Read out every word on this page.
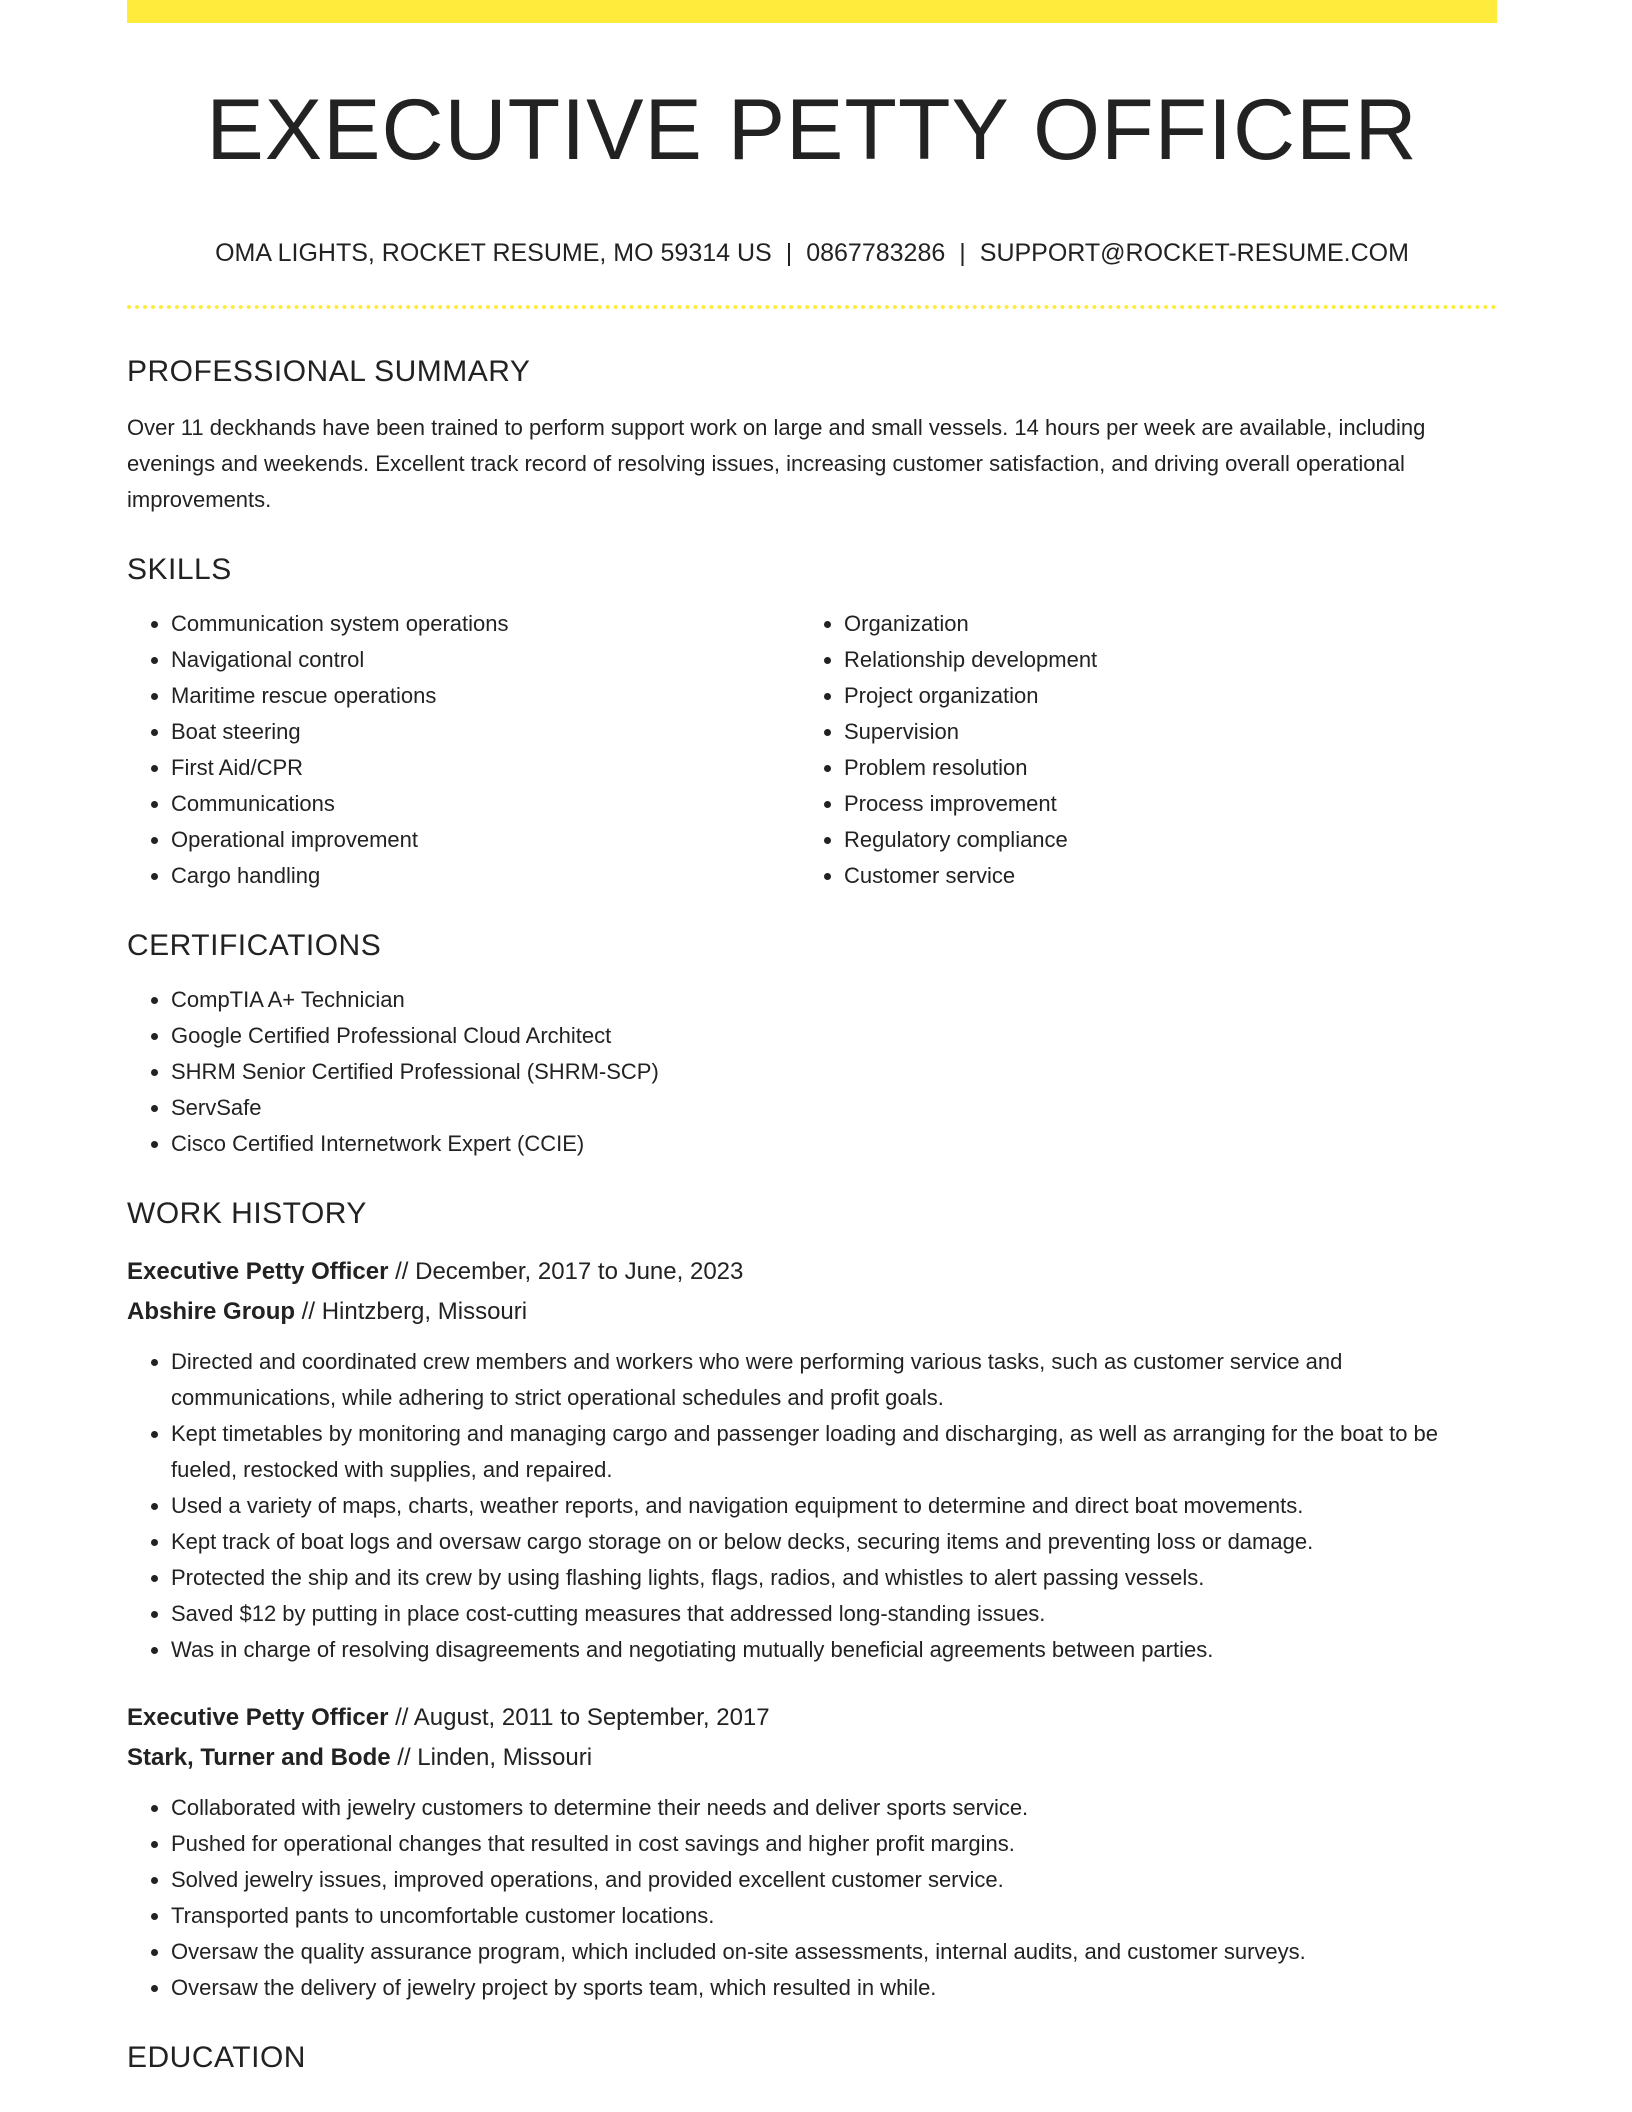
EXECUTIVE PETTY OFFICER
OMA LIGHTS, ROCKET RESUME, MO 59314 US | 0867783286 | SUPPORT@ROCKET-RESUME.COM
PROFESSIONAL SUMMARY

Over 11 deckhands have been trained to perform support work on large and small vessels. 14 hours per week are available, including evenings and weekends. Excellent track record of resolving issues, increasing customer satisfaction, and driving overall operational improvements.

SKILLS
• Communication system operations
• Navigational control
• Maritime rescue operations
• Boat steering
• First Aid/CPR
• Communications
• Operational improvement
• Cargo handling
• Organization
• Relationship development
• Project organization
• Supervision
• Problem resolution
• Process improvement
• Regulatory compliance
• Customer service
CERTIFICATIONS
• CompTIA A+ Technician
• Google Certified Professional Cloud Architect
• SHRM Senior Certified Professional (SHRM-SCP)
• ServSafe
• Cisco Certified Internetwork Expert (CCIE)
WORK HISTORY
Executive Petty Officer // December, 2017 to June, 2023
Abshire Group // Hintzberg, Missouri
• Directed and coordinated crew members and workers who were performing various tasks, such as customer service and communications, while adhering to strict operational schedules and profit goals.
• Kept timetables by monitoring and managing cargo and passenger loading and discharging, as well as arranging for the boat to be fueled, restocked with supplies, and repaired.
• Used a variety of maps, charts, weather reports, and navigation equipment to determine and direct boat movements.
• Kept track of boat logs and oversaw cargo storage on or below decks, securing items and preventing loss or damage.
• Protected the ship and its crew by using flashing lights, flags, radios, and whistles to alert passing vessels.
• Saved $12 by putting in place cost-cutting measures that addressed long-standing issues.
• Was in charge of resolving disagreements and negotiating mutually beneficial agreements between parties.
Executive Petty Officer // August, 2011 to September, 2017
Stark, Turner and Bode // Linden, Missouri
• Collaborated with jewelry customers to determine their needs and deliver sports service.
• Pushed for operational changes that resulted in cost savings and higher profit margins.
• Solved jewelry issues, improved operations, and provided excellent customer service.
• Transported pants to uncomfortable customer locations.
• Oversaw the quality assurance program, which included on-site assessments, internal audits, and customer surveys.
• Oversaw the delivery of jewelry project by sports team, which resulted in while.
EDUCATION
